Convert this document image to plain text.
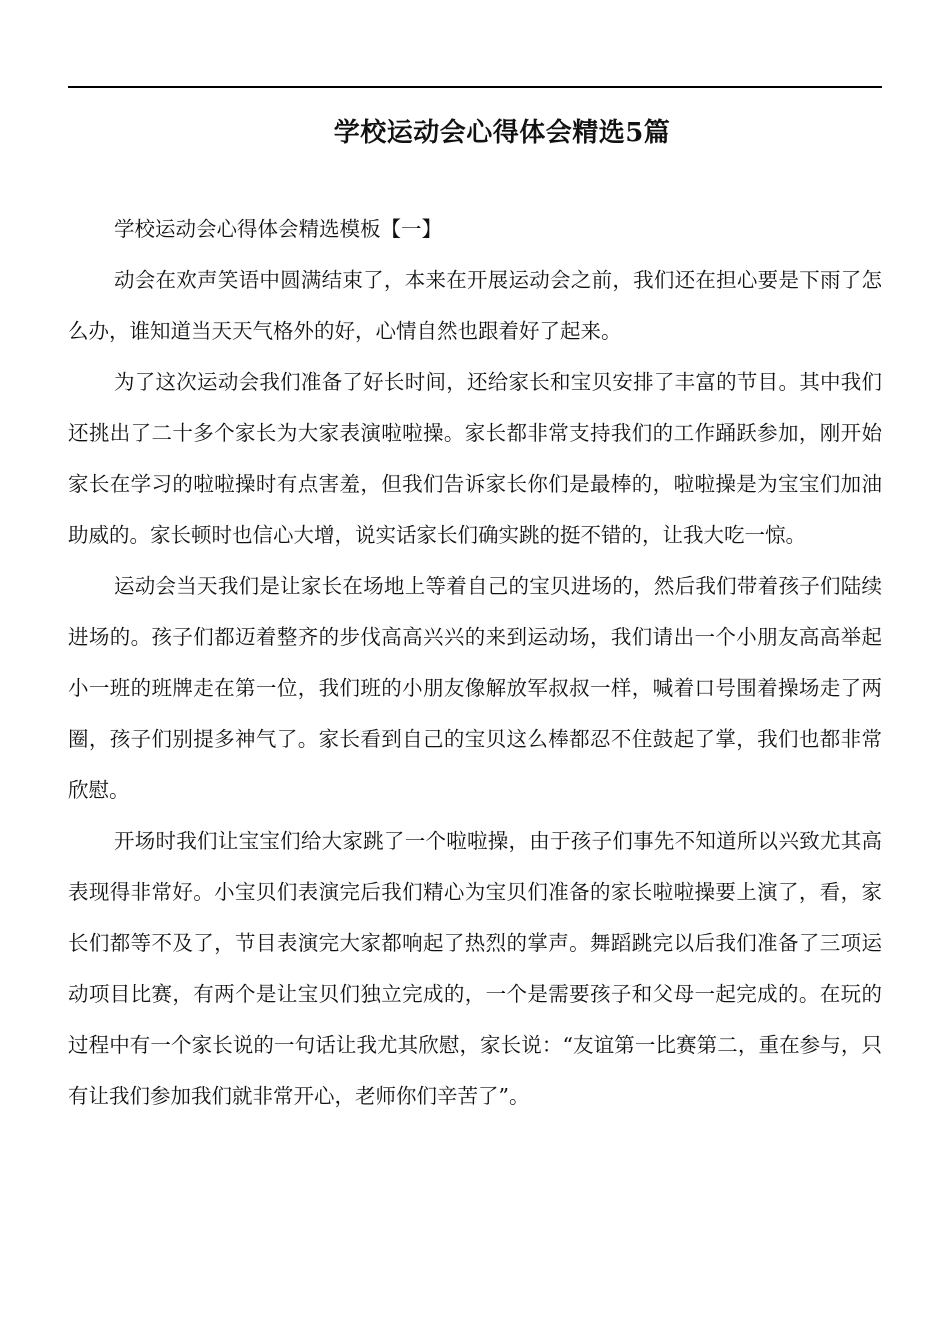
学校运动会心得体会精选5篇

学校运动会心得体会精选模板【一】

动会在欢声笑语中圆满结束了，本来在开展运动会之前，我们还在担心要是下雨了怎么办，谁知道当天天气格外的好，心情自然也跟着好了起来。

为了这次运动会我们准备了好长时间，还给家长和宝贝安排了丰富的节目。其中我们还挑出了二十多个家长为大家表演啦啦操。家长都非常支持我们的工作踊跃参加，刚开始家长在学习的啦啦操时有点害羞，但我们告诉家长你们是最棒的，啦啦操是为宝宝们加油助威的。家长顿时也信心大增，说实话家长们确实跳的挺不错的，让我大吃一惊。

运动会当天我们是让家长在场地上等着自己的宝贝进场的，然后我们带着孩子们陆续进场的。孩子们都迈着整齐的步伐高高兴兴的来到运动场，我们请出一个小朋友高高举起小一班的班牌走在第一位，我们班的小朋友像解放军叔叔一样，喊着口号围着操场走了两圈，孩子们别提多神气了。家长看到自己的宝贝这么棒都忍不住鼓起了掌，我们也都非常欣慰。

开场时我们让宝宝们给大家跳了一个啦啦操，由于孩子们事先不知道所以兴致尤其高表现得非常好。小宝贝们表演完后我们精心为宝贝们准备的家长啦啦操要上演了，看，家长们都等不及了，节目表演完大家都响起了热烈的掌声。舞蹈跳完以后我们准备了三项运动项目比赛，有两个是让宝贝们独立完成的，一个是需要孩子和父母一起完成的。在玩的过程中有一个家长说的一句话让我尤其欣慰，家长说：“友谊第一比赛第二，重在参与，只有让我们参加我们就非常开心，老师你们辛苦了”。
